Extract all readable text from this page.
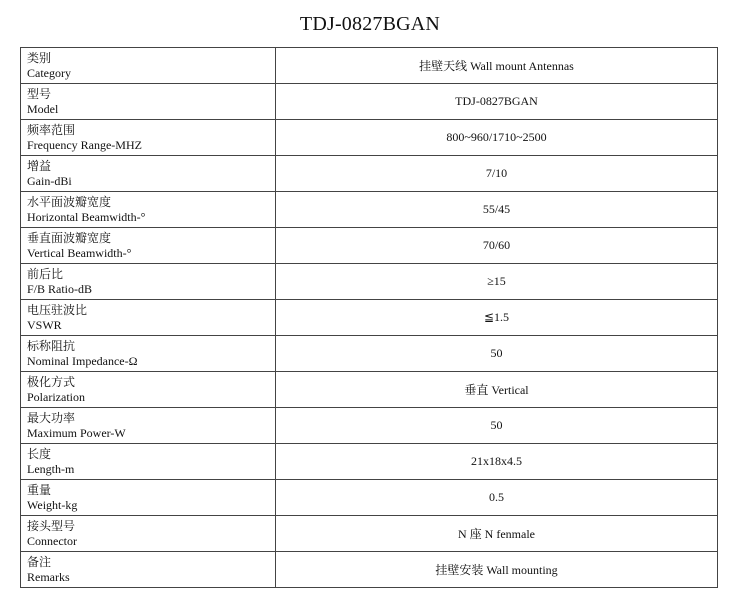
TDJ-0827BGAN
类别
Category	挂壁天线 Wall mount Antennas

型号
Model	TDJ-0827BGAN

频率范围
Frequency Range-MHZ	800~960/1710~2500

增益
Gain-dBi	7/10

水平面波瓣宽度
Horizontal Beamwidth-°	55/45

垂直面波瓣宽度
Vertical Beamwidth-°	70/60

前后比
F/B Ratio-dB	≥15

电压驻波比
VSWR	≦1.5

标称阻抗
Nominal Impedance-Ω	50

极化方式
Polarization	垂直 Vertical

最大功率
Maximum Power-W	50

长度
Length-m	21x18x4.5

重量
Weight-kg	0.5

接头型号
Connector	N 座 N fenmale

备注
Remarks	挂壁安装 Wall mounting
